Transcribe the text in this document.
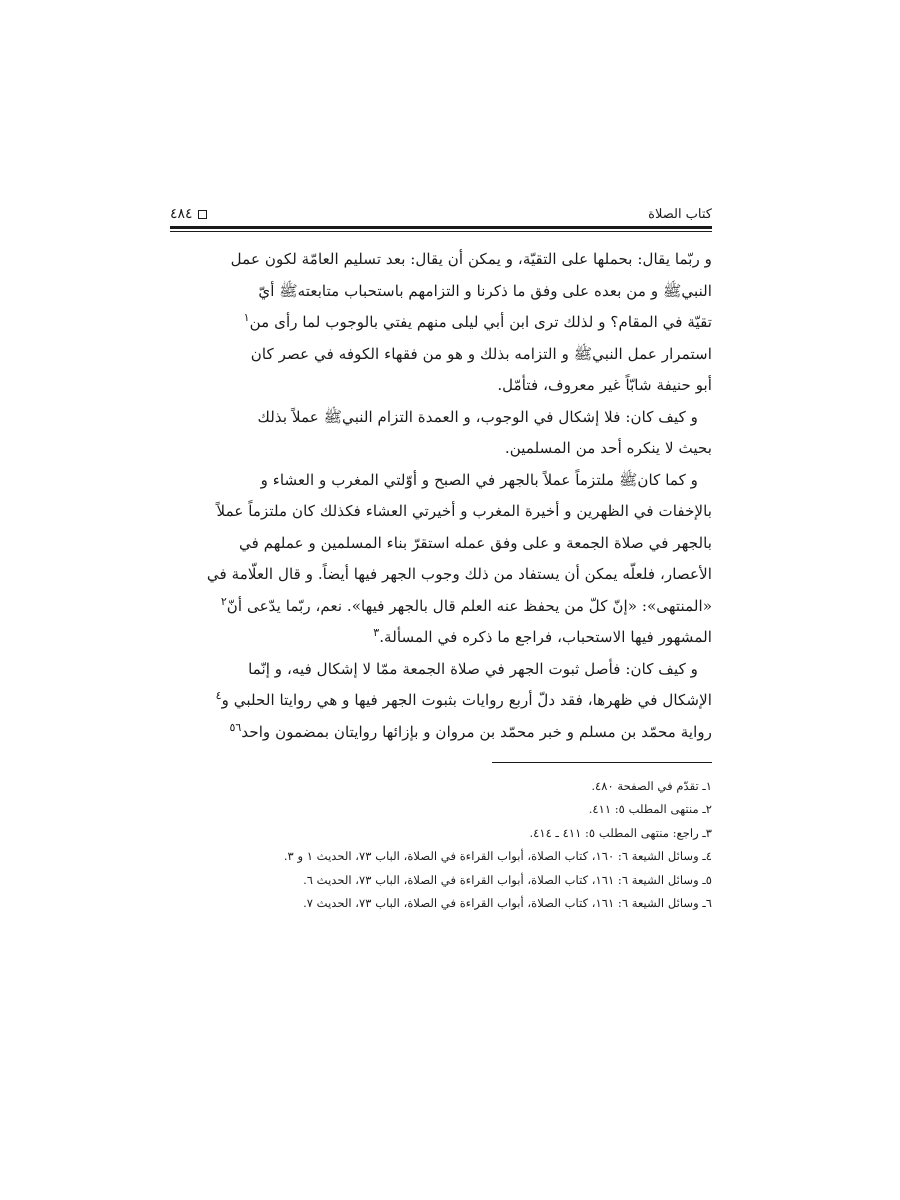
كتاب الصلاة
٤٨٤

و ربّما يقال: بحملها على التقيّة، و يمكن أن يقال: بعد تسليم العامّة لكون عمل
النبيﷺ و من بعده على وفق ما ذكرنا و التزامهم باستحباب متابعتهﷺ أيّ
تقيّة في المقام؟ و لذلك ترى ابن أبي ليلى منهم يفتي بالوجوب لما رأى من$^١$
استمرار عمل النبيﷺ و التزامه بذلك و هو من فقهاء الكوفه في عصر كان
أبو حنيفة شابّاً غير معروف، فتأمّل.

و كيف كان: فلا إشكال في الوجوب، و العمدة التزام النبيﷺ عملاً بذلك
بحيث لا ينكره أحد من المسلمين.

و كما كانﷺ ملتزماً عملاً بالجهر في الصبح و أوّلتي المغرب و العشاء و
بالإخفات في الظهرين و أخيرة المغرب و أخيرتي العشاء فكذلك كان ملتزماً عملاً
بالجهر في صلاة الجمعة و على وفق عمله استقرّ بناء المسلمين و عملهم في
الأعصار، فلعلّه يمكن أن يستفاد من ذلك وجوب الجهر فيها أيضاً. و قال العلّامة في
«المنتهى»: «إنّ كلّ من يحفظ عنه العلم قال بالجهر فيها». نعم، ربّما يدّعى أنّ$^٢$
المشهور فيها الاستحباب، فراجع ما ذكره في المسألة.$^٣$

و كيف كان: فأصل ثبوت الجهر في صلاة الجمعة ممّا لا إشكال فيه، و إنّما
الإشكال في ظهرها، فقد دلّ أربع روايات بثبوت الجهر فيها و هي روايتا الحلبي و$^٤$
رواية محمّد بن مسلم و خبر محمّد بن مروان و بإزائها روايتان بمضمون واحد$^{٥٦}$

١ـ تقدّم في الصفحة ٤٨٠.

٢ـ منتهى المطلب ٥: ٤١١.

٣ـ راجع: منتهى المطلب ٥: ٤١١ ـ ٤١٤.

٤ـ وسائل الشيعة ٦: ١٦٠، كتاب الصلاة، أبواب القراءة في الصلاة، الباب ٧٣، الحديث ١ و ٣.

٥ـ وسائل الشيعة ٦: ١٦١، كتاب الصلاة، أبواب القراءة في الصلاة، الباب ٧٣، الحديث ٦.

٦ـ وسائل الشيعة ٦: ١٦١، كتاب الصلاة، أبواب القراءة في الصلاة، الباب ٧٣، الحديث ٧.
